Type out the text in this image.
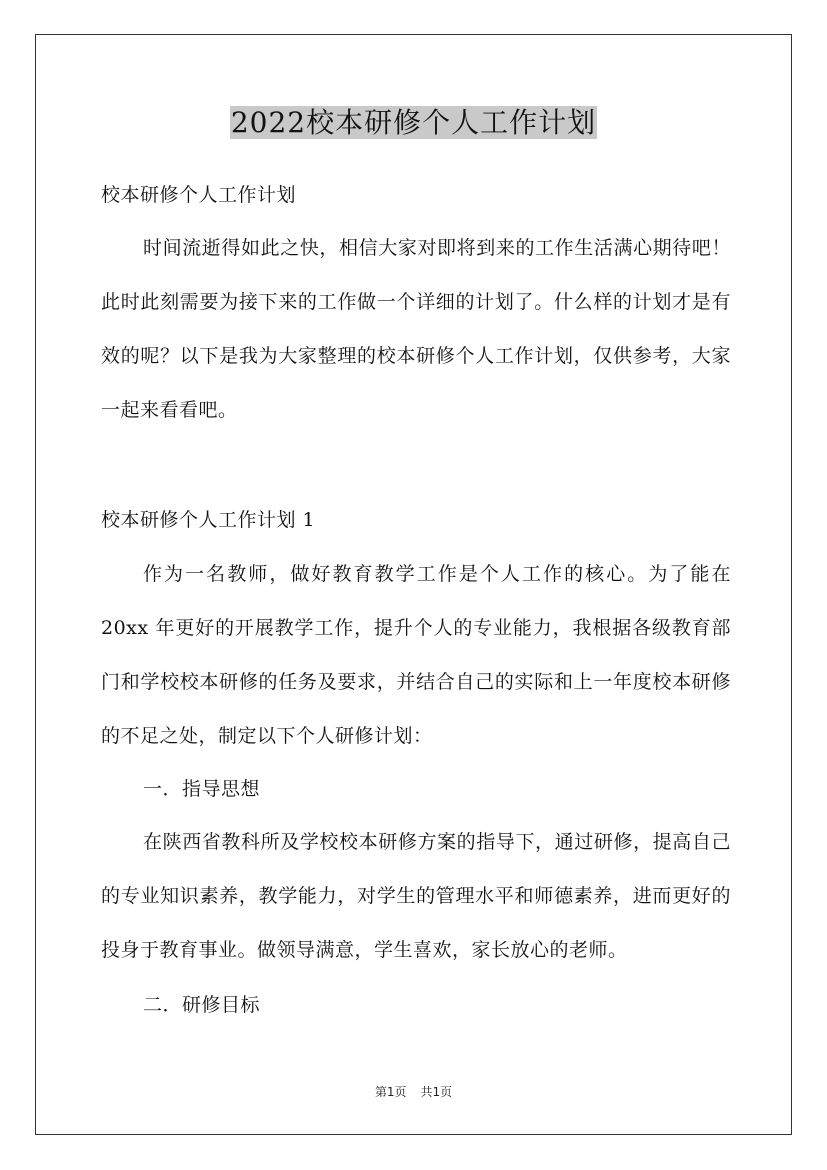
2022校本研修个人工作计划
校本研修个人工作计划
时间流逝得如此之快，相信大家对即将到来的工作生活满心期待吧！此时此刻需要为接下来的工作做一个详细的计划了。什么样的计划才是有效的呢？以下是我为大家整理的校本研修个人工作计划，仅供参考，大家一起来看看吧。
校本研修个人工作计划 1
作为一名教师，做好教育教学工作是个人工作的核心。为了能在 20xx 年更好的开展教学工作，提升个人的专业能力，我根据各级教育部门和学校校本研修的任务及要求，并结合自己的实际和上一年度校本研修的不足之处，制定以下个人研修计划：
一．指导思想
在陕西省教科所及学校校本研修方案的指导下，通过研修，提高自己的专业知识素养，教学能力，对学生的管理水平和师德素养，进而更好的投身于教育事业。做领导满意，学生喜欢，家长放心的老师。
二．研修目标
第1页 共1页
